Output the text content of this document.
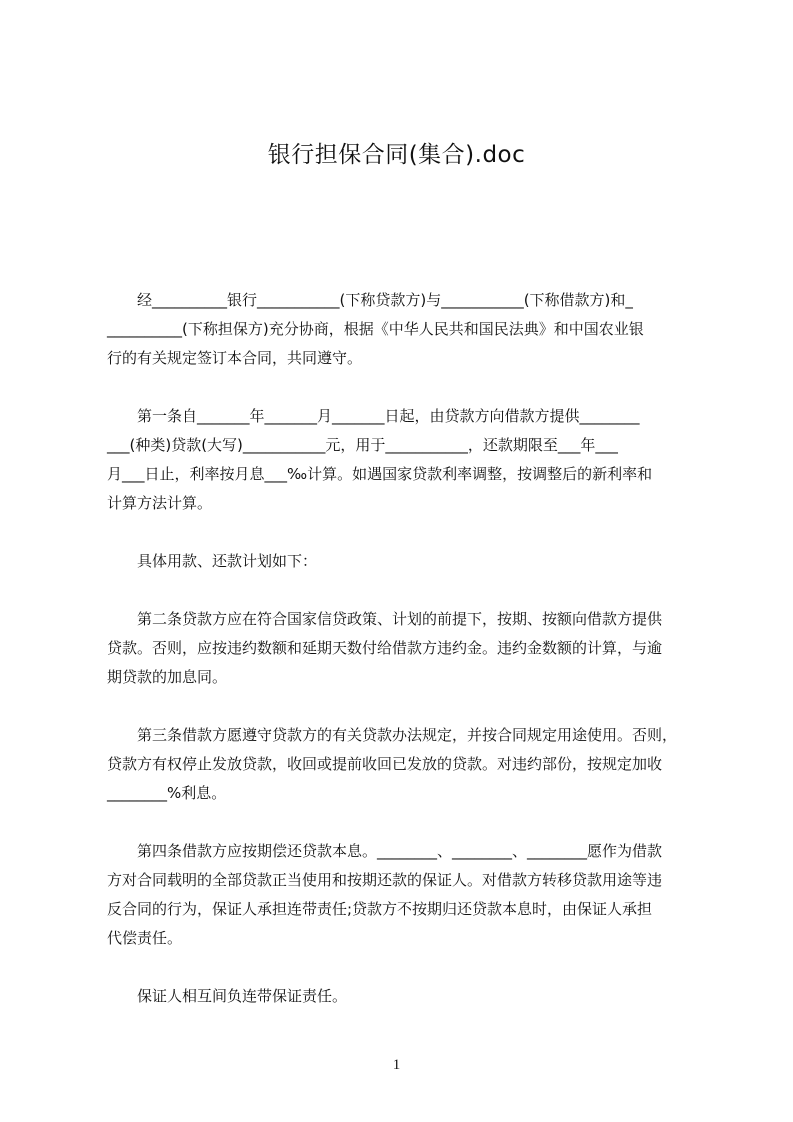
银行担保合同(集合).doc
经__________银行___________(下称贷款方)与___________(下称借款方)和_
__________(下称担保方)充分协商，根据《中华人民共和国民法典》和中国农业银
行的有关规定签订本合同，共同遵守。
第一条自_______年_______月_______日起，由贷款方向借款方提供________
___(种类)贷款(大写)___________元，用于___________，还款期限至___年___
月___日止，利率按月息___‰计算。如遇国家贷款利率调整，按调整后的新利率和
计算方法计算。
具体用款、还款计划如下：
第二条贷款方应在符合国家信贷政策、计划的前提下，按期、按额向借款方提供
贷款。否则，应按违约数额和延期天数付给借款方违约金。违约金数额的计算，与逾
期贷款的加息同。
第三条借款方愿遵守贷款方的有关贷款办法规定，并按合同规定用途使用。否则，
贷款方有权停止发放贷款，收回或提前收回已发放的贷款。对违约部份，按规定加收
________%利息。
第四条借款方应按期偿还贷款本息。________、________、________愿作为借款
方对合同载明的全部贷款正当使用和按期还款的保证人。对借款方转移贷款用途等违
反合同的行为，保证人承担连带责任;贷款方不按期归还贷款本息时，由保证人承担
代偿责任。
保证人相互间负连带保证责任。
1
